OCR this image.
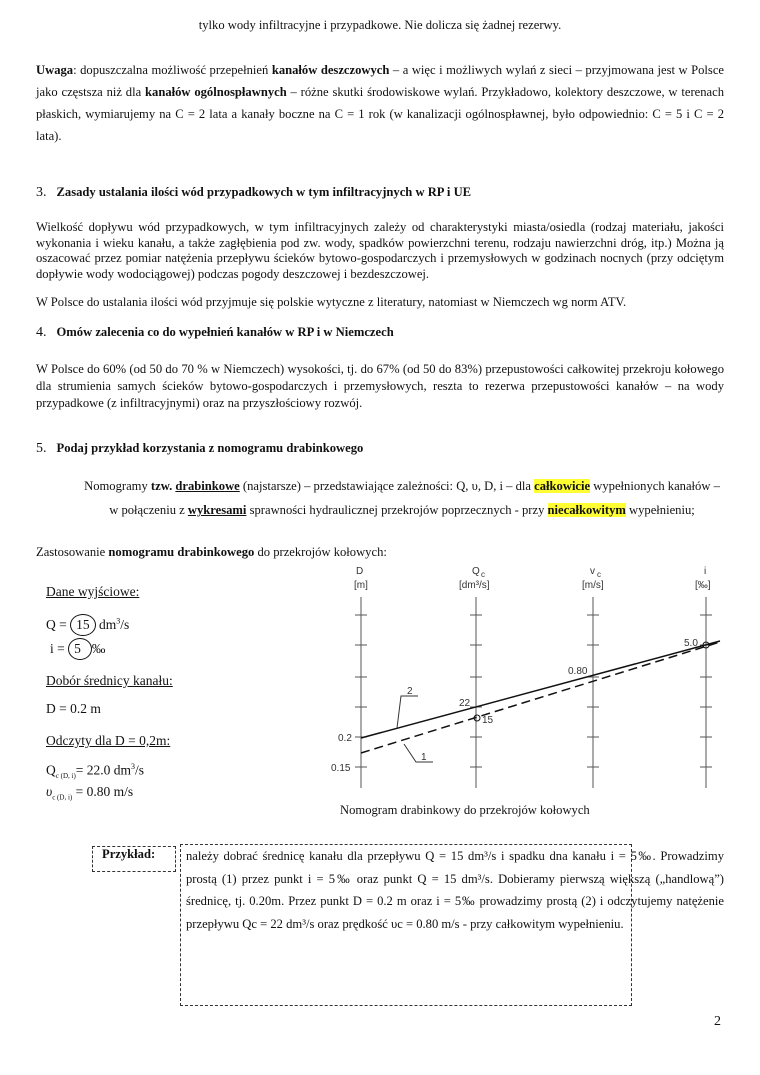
tylko wody infiltracyjne i przypadkowe. Nie dolicza się żadnej rezerwy.
Uwaga: dopuszczalna możliwość przepełnień kanałów deszczowych – a więc i możliwych wylań z sieci – przyjmowana jest w Polsce jako częstsza niż dla kanałów ogólnospławnych – różne skutki środowiskowe wylań. Przykładowo, kolektory deszczowe, w terenach płaskich, wymiarujemy na C = 2 lata a kanały boczne na C = 1 rok (w kanalizacji ogólnospławnej, było odpowiednio: C = 5 i C = 2 lata).
3. Zasady ustalania ilości wód przypadkowych w tym infiltracyjnych w RP i UE
Wielkość dopływu wód przypadkowych, w tym infiltracyjnych zależy od charakterystyki miasta/osiedla (rodzaj materiału, jakości wykonania i wieku kanału, a także zagłębienia pod zw. wody, spadków powierzchni terenu, rodzaju nawierzchni dróg, itp.) Można ją oszacować przez pomiar natężenia przepływu ścieków bytowo-gospodarczych i przemysłowych w godzinach nocnych (przy odciętym dopływie wody wodociągowej) podczas pogody deszczowej i bezdeszczowej.
W Polsce do ustalania ilości wód przyjmuje się polskie wytyczne z literatury, natomiast w Niemczech wg norm ATV.
4. Omów zalecenia co do wypełnień kanałów w RP i w Niemczech
W Polsce do 60% (od 50 do 70 % w Niemczech) wysokości, tj. do 67% (od 50 do 83%) przepustowości całkowitej przekroju kołowego dla strumienia samych ścieków bytowo-gospodarczych i przemysłowych, reszta to rezerwa przepustowości kanałów – na wody przypadkowe (z infiltracyjnymi) oraz na przyszłościowy rozwój.
5. Podaj przykład korzystania z nomogramu drabinkowego
Nomogramy tzw. drabinkowe (najstarsze) – przedstawiające zależności: Q, υ, D, i – dla całkowicie wypełnionych kanałów – w połączeniu z wykresami sprawności hydraulicznej przekrojów poprzecznych - przy niecałkowitym wypełnieniu;
Zastosowanie nomogramu drabinkowego do przekrojów kołowych:
Dane wyjściowe:
Q = 15 $dm^3/s$
i = 5 ‰
Dobór średnicy kanału:
D = 0.2 m
Odczyty dla D = 0,2m:
$Q_{c (D, i)}= 22.0$ $dm^3/s$
$\upsilon_{c (D, i)} = 0.80$ m/s
D
[m]
Q c
[dm³/s]
v c
[m/s]
i
[‰]
0.2
0.15
22
15
0.80
5.0
2
1
Nomogram drabinkowy do przekrojów kołowych
Przykład: należy dobrać średnicę kanału dla przepływu Q = 15 dm³/s i spadku dna kanału i = 5‰. Prowadzimy prostą (1) przez punkt i = 5‰ oraz punkt Q = 15 dm³/s. Dobieramy pierwszą większą („handlową”) średnicę, tj. 0.20m. Przez punkt D = 0.2 m oraz i = 5‰ prowadzimy prostą (2) i odczytujemy natężenie przepływu Qc = 22 dm³/s oraz prędkość υc = 0.80 m/s - przy całkowitym wypełnieniu.
2
